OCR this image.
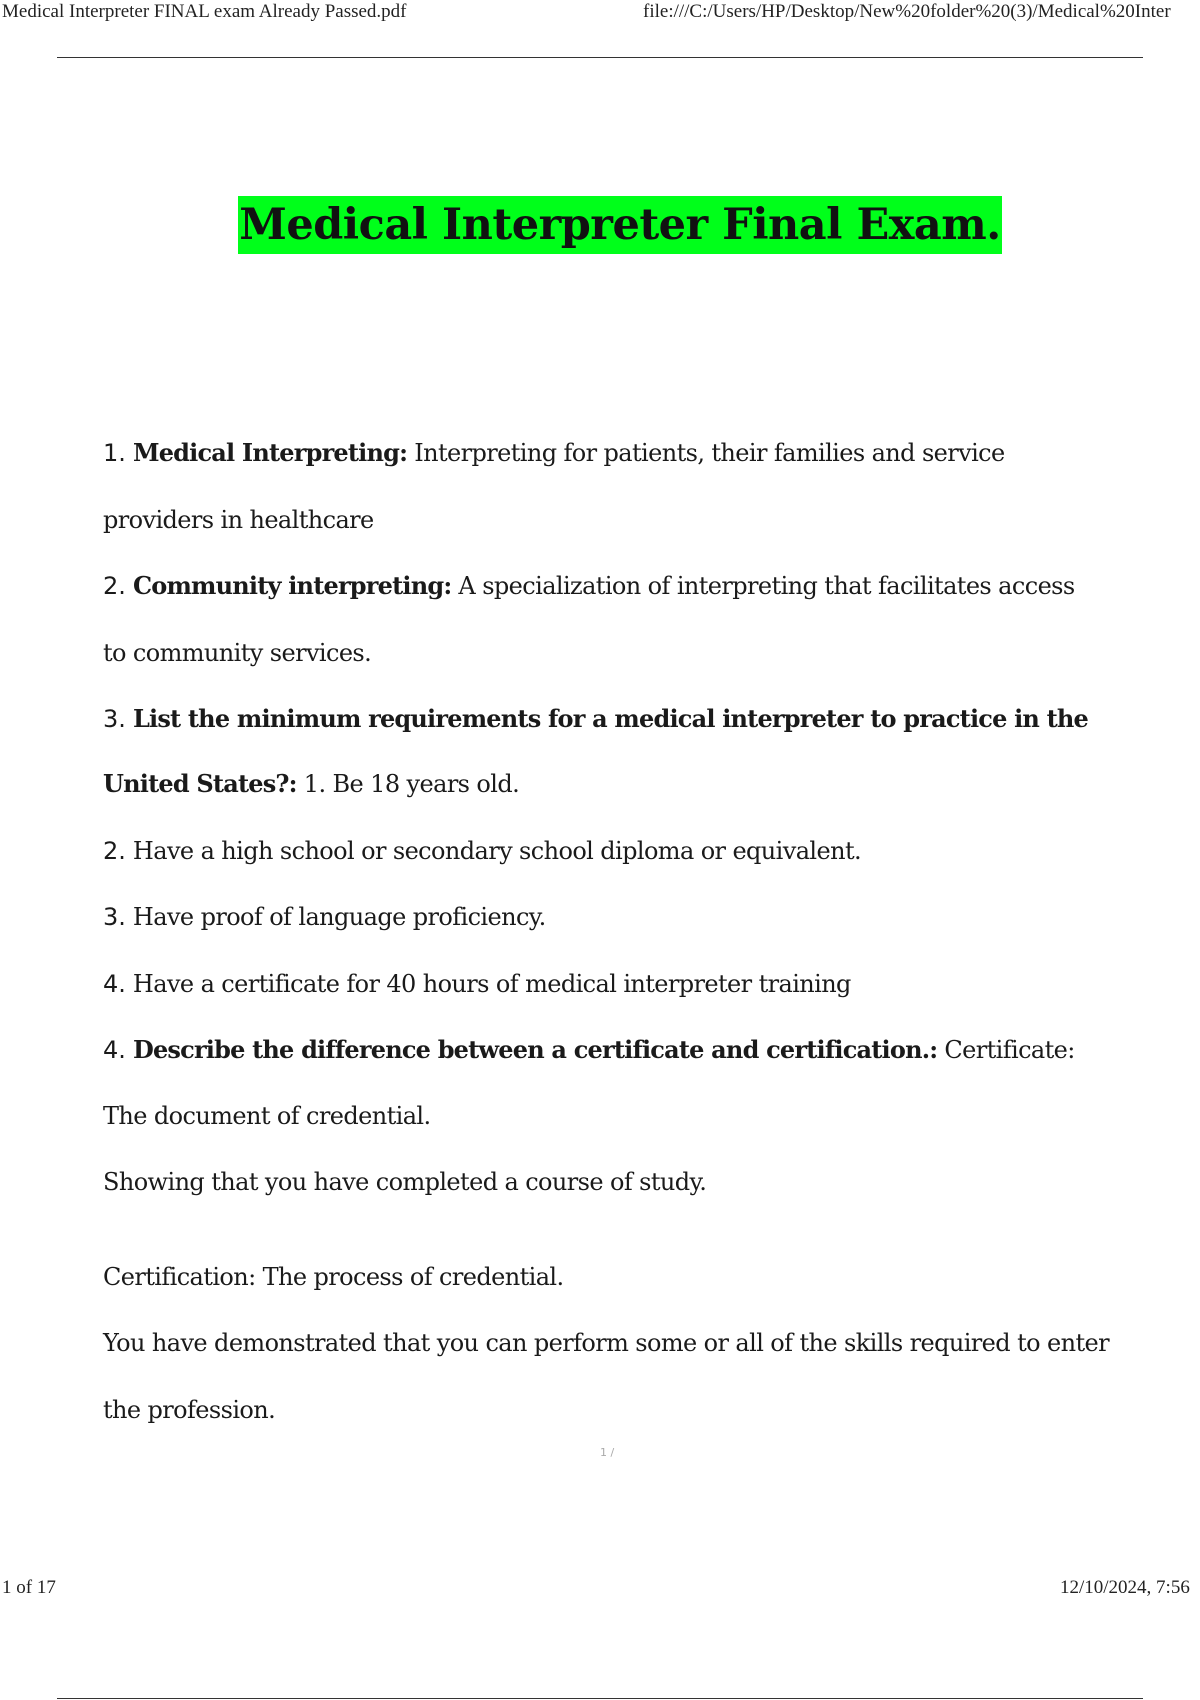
Medical Interpreter FINAL exam Already Passed.pdf	file:///C:/Users/HP/Desktop/New%20folder%20(3)/Medical%20Inter
Medical Interpreter Final Exam.
1. Medical Interpreting: Interpreting for patients, their families and service
providers in healthcare
2. Community interpreting: A specialization of interpreting that facilitates access
to community services.
3. List the minimum requirements for a medical interpreter to practice in the
United States?: 1. Be 18 years old.
2. Have a high school or secondary school diploma or equivalent.
3. Have proof of language proficiency.
4. Have a certificate for 40 hours of medical interpreter training
4. Describe the difference between a certificate and certification.: Certificate:
The document of credential.
Showing that you have completed a course of study.
Certification: The process of credential.
You have demonstrated that you can perform some or all of the skills required to enter
the profession.
1 /
1 of 17	12/10/2024, 7:56
